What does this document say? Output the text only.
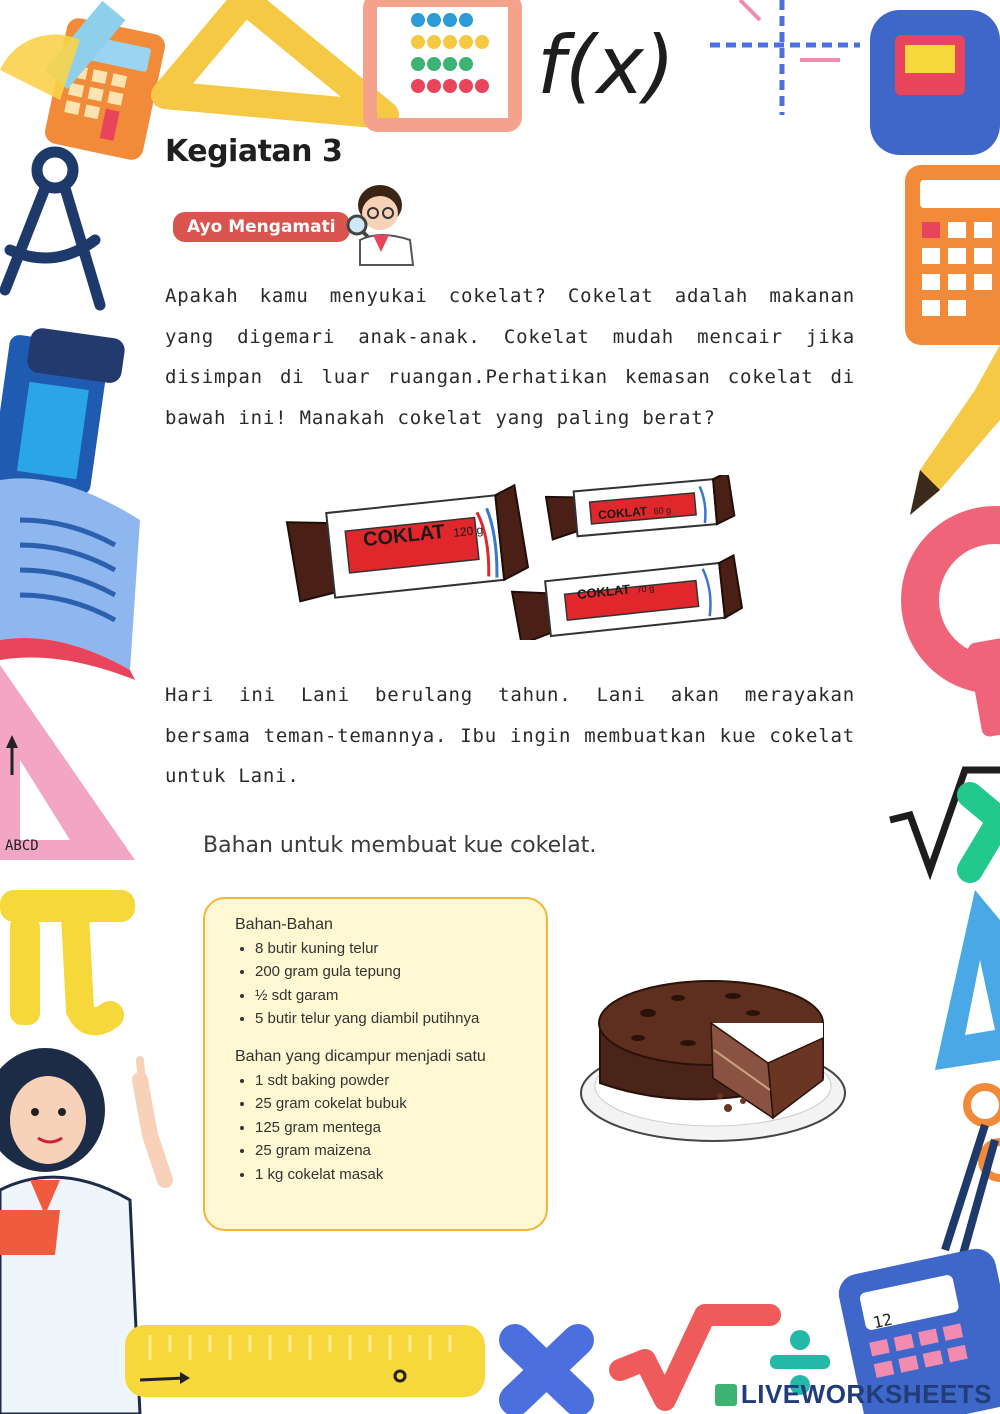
ABCD
12
f(x)
Kegiatan 3
Ayo Mengamati
Apakah kamu menyukai cokelat? Cokelat adalah makanan yang digemari anak-anak. Cokelat mudah mencair jika disimpan di luar ruangan.Perhatikan kemasan cokelat di bawah ini! Manakah cokelat yang paling berat?
COKLAT 120 g
COKLAT 60 g
COKLAT 70 g
Hari ini Lani berulang tahun. Lani akan merayakan bersama teman-temannya. Ibu ingin membuatkan kue cokelat untuk Lani.
Bahan untuk membuat kue cokelat.
Bahan-Bahan
• 8 butir kuning telur
• 200 gram gula tepung
• ½ sdt garam
• 5 butir telur yang diambil putihnya
Bahan yang dicampur menjadi satu
• 1 sdt baking powder
• 25 gram cokelat bubuk
• 125 gram mentega
• 25 gram maizena
• 1 kg cokelat masak
LIVEWORKSHEETS
